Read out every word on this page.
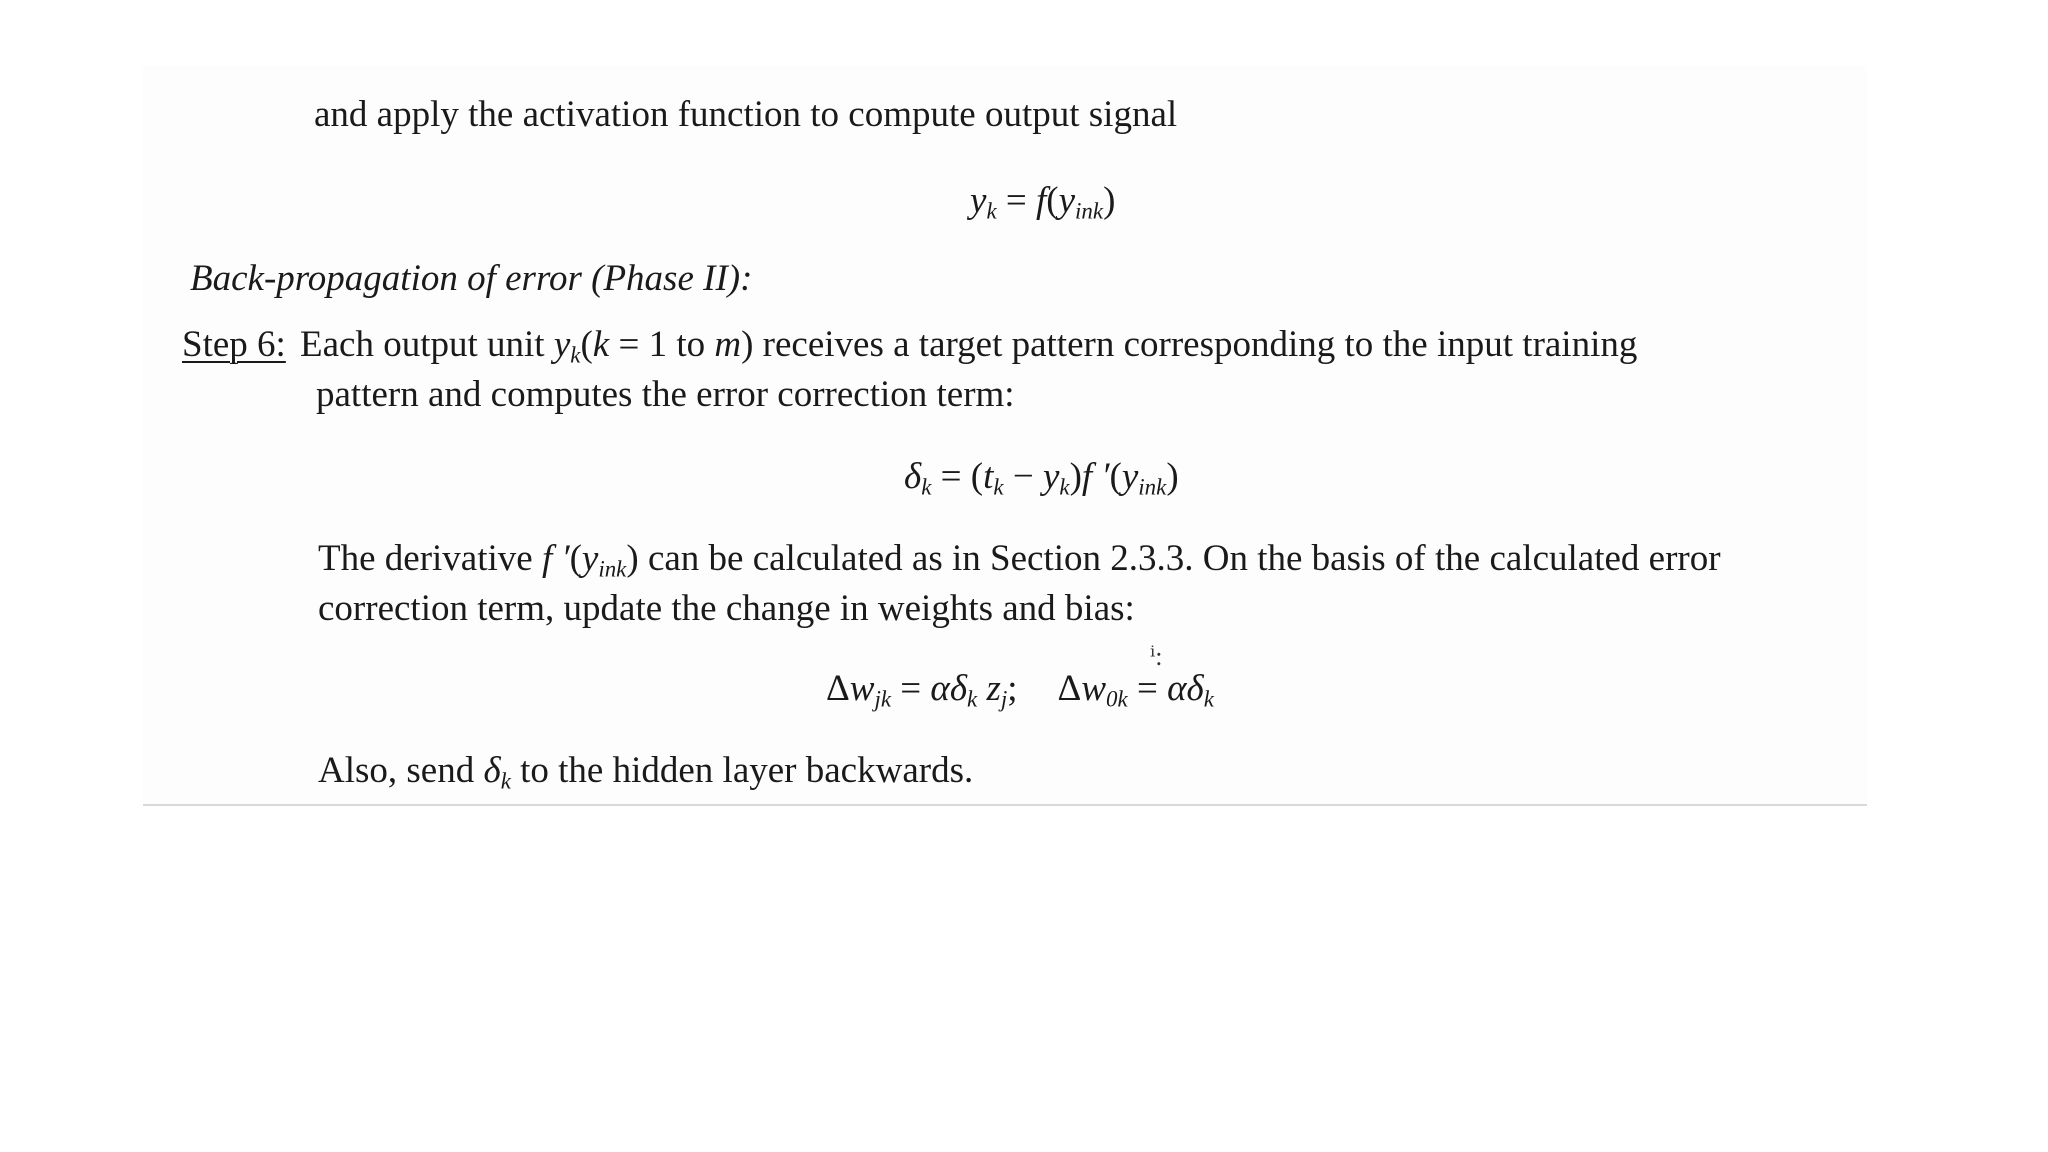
and apply the activation function to compute output signal
$y_k = f(y_{ink})$
Back-propagation of error (Phase II):
Step 6: Each output unit $y_k(k = 1$ to m) receives a target pattern corresponding to the input training
pattern and computes the error correction term:
$\delta_k = (t_k - y_k)f$ $'(y_{ink})$
The derivative f $'(y_{ink})$ can be calculated as in Section 2.3.3. On the basis of the calculated error
correction term, update the change in weights and bias:
ⁱ:
$\Delta w_{jk} = \alpha\delta_k$ $z_j$; $\Delta w_{0k} = \alpha\delta_k$
Also, send $\delta_k$ to the hidden layer backwards.
